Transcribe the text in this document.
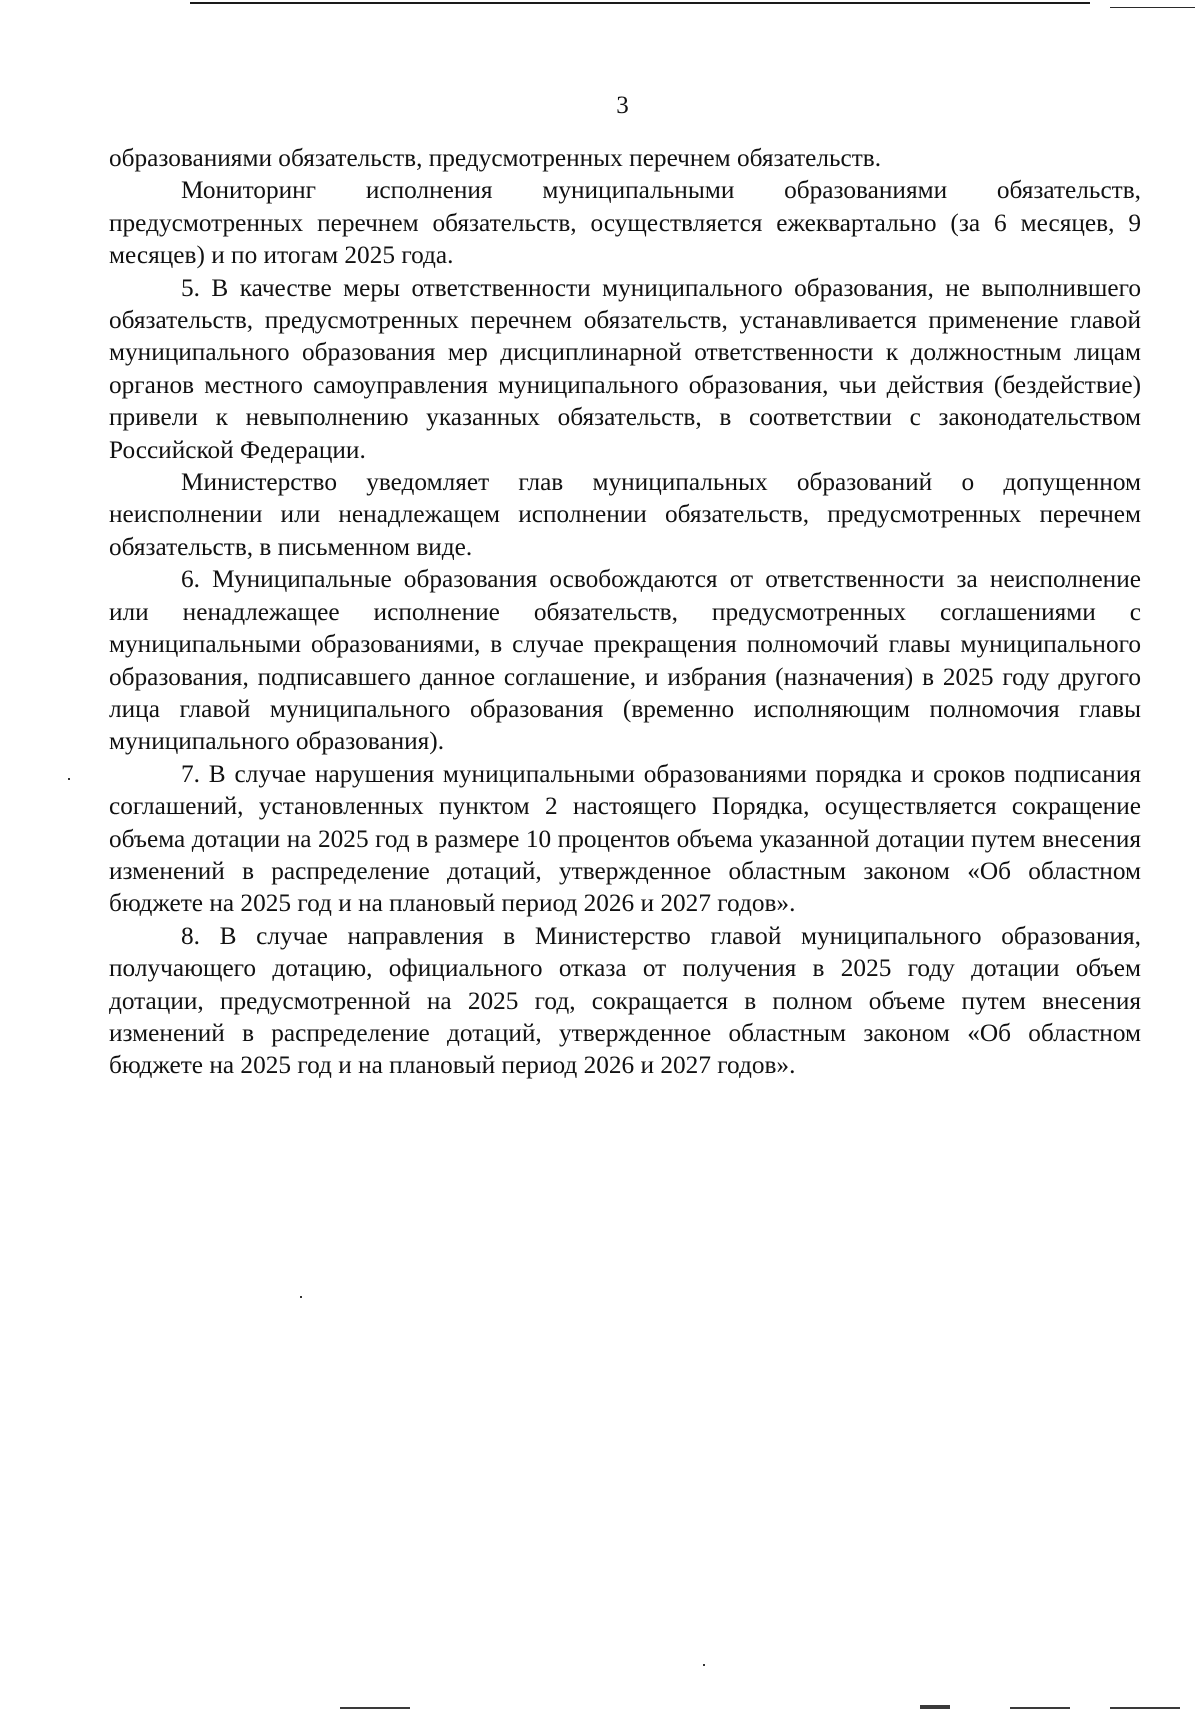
3

образованиями обязательств, предусмотренных перечнем обязательств.

Мониторинг исполнения муниципальными образованиями обязательств, предусмотренных перечнем обязательств, осуществляется ежеквартально (за 6 месяцев, 9 месяцев) и по итогам 2025 года.

5. В качестве меры ответственности муниципального образования, не выполнившего обязательств, предусмотренных перечнем обязательств, устанавливается применение главой муниципального образования мер дисциплинарной ответственности к должностным лицам органов местного самоуправления муниципального образования, чьи действия (бездействие) привели к невыполнению указанных обязательств, в соответствии с законодательством Российской Федерации.

Министерство уведомляет глав муниципальных образований о допущенном неисполнении или ненадлежащем исполнении обязательств, предусмотренных перечнем обязательств, в письменном виде.

6. Муниципальные образования освобождаются от ответственности за неисполнение или ненадлежащее исполнение обязательств, предусмотренных соглашениями с муниципальными образованиями, в случае прекращения полномочий главы муниципального образования, подписавшего данное соглашение, и избрания (назначения) в 2025 году другого лица главой муниципального образования (временно исполняющим полномочия главы муниципального образования).

7. В случае нарушения муниципальными образованиями порядка и сроков подписания соглашений, установленных пунктом 2 настоящего Порядка, осуществляется сокращение объема дотации на 2025 год в размере 10 процентов объема указанной дотации путем внесения изменений в распределение дотаций, утвержденное областным законом «Об областном бюджете на 2025 год и на плановый период 2026 и 2027 годов».

8. В случае направления в Министерство главой муниципального образования, получающего дотацию, официального отказа от получения в 2025 году дотации объем дотации, предусмотренной на 2025 год, сокращается в полном объеме путем внесения изменений в распределение дотаций, утвержденное областным законом «Об областном бюджете на 2025 год и на плановый период 2026 и 2027 годов».
